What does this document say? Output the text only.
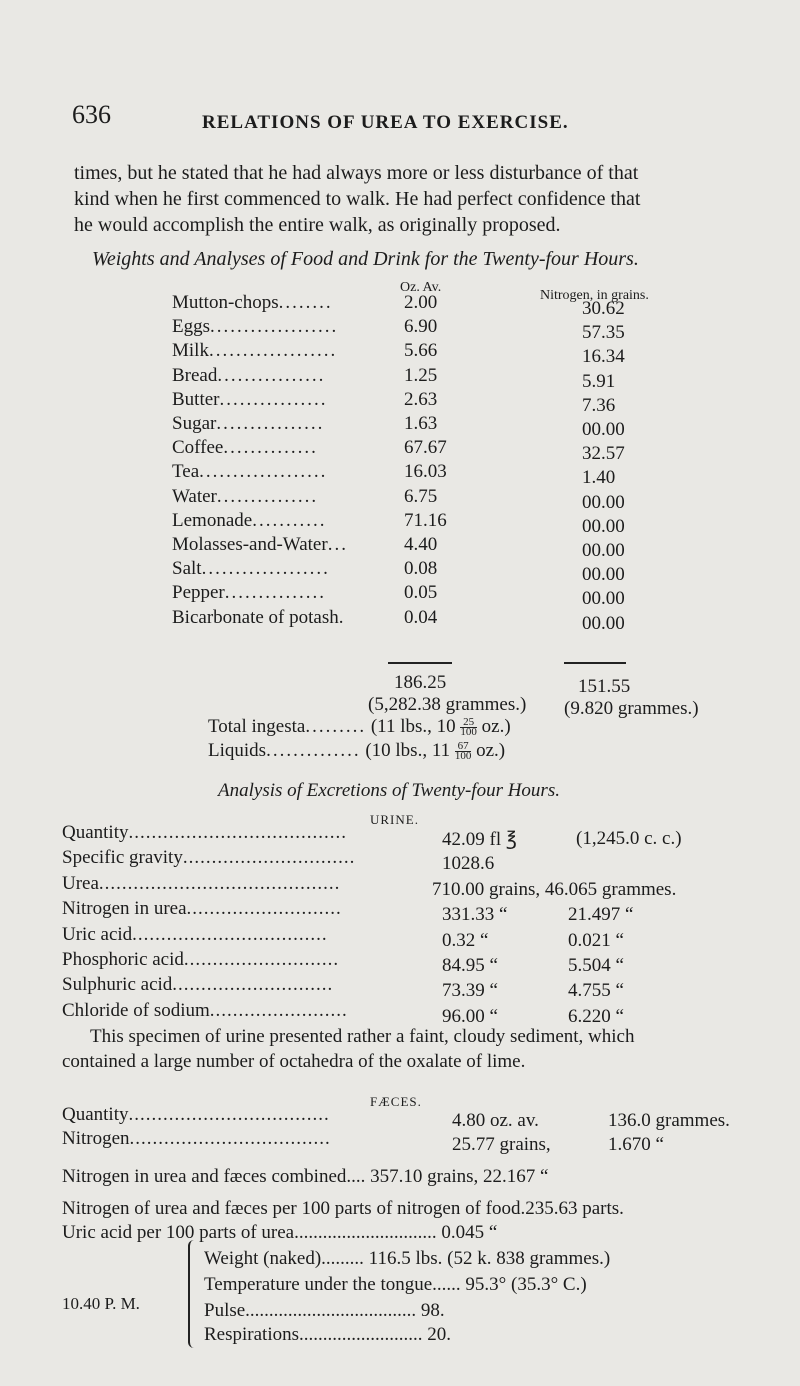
636	RELATIONS OF UREA TO EXERCISE.
times, but he stated that he had always more or less disturbance of that
kind when he first commenced to walk. He had perfect confidence that
he would accomplish the entire walk, as originally proposed.
Weights and Analyses of Food and Drink for the Twenty-four Hours.
Oz. Av.
Nitrogen, in grains.
Mutton-chops........	2.00	30.62
Eggs...................	6.90	57.35
Milk...................	5.66	16.34
Bread................	1.25	5.91
Butter................	2.63	7.36
Sugar................	1.63	00.00
Coffee..............	67.67	32.57
Tea...................	16.03	1.40
Water...............	6.75	00.00
Lemonade...........	71.16	00.00
Molasses-and-Water...	4.40	00.00
Salt...................	0.08	00.00
Pepper...............	0.05	00.00
Bicarbonate of potash.	0.04	00.00
186.25	151.55
(5,282.38 grammes.) (9.820 grammes.)
Total ingesta......... (11 lbs., $10 \frac{25}{100} oz$.)
Liquids.............. (10 lbs., $11 \frac{67}{100} oz$.)
Analysis of Excretions of Twenty-four Hours.
URINE.
Quantity......................................	42.09 fl ℥	(1,245.0 c. c.)
Specific gravity..............................	1028.6
Urea..........................................	710.00 grains, 46.065 grammes.
Nitrogen in urea...........................	331.33 “	21.497 “
Uric acid..................................	0.32 “	0.021 “
Phosphoric acid...........................	84.95 “	5.504 “
Sulphuric acid............................	73.39 “	4.755 “
Chloride of sodium........................	96.00 “	6.220 “
This specimen of urine presented rather a faint, cloudy sediment, which
contained a large number of octahedra of the oxalate of lime.
FÆCES.
Quantity...................................	4.80 oz. av.	136.0 grammes.
Nitrogen...................................	25.77 grains,	1.670 “
Nitrogen in urea and fæces combined.... 357.10 grains, 22.167 “
Nitrogen of urea and fæces per 100 parts of nitrogen of food.235.63 parts.
Uric acid per 100 parts of urea.............................. 0.045 “
10.40 P. M.
Weight (naked)......... 116.5 lbs. (52 k. 838 grammes.)
Temperature under the tongue...... 95.3° (35.3° C.)
Pulse.................................... 98.
Respirations.......................... 20.
